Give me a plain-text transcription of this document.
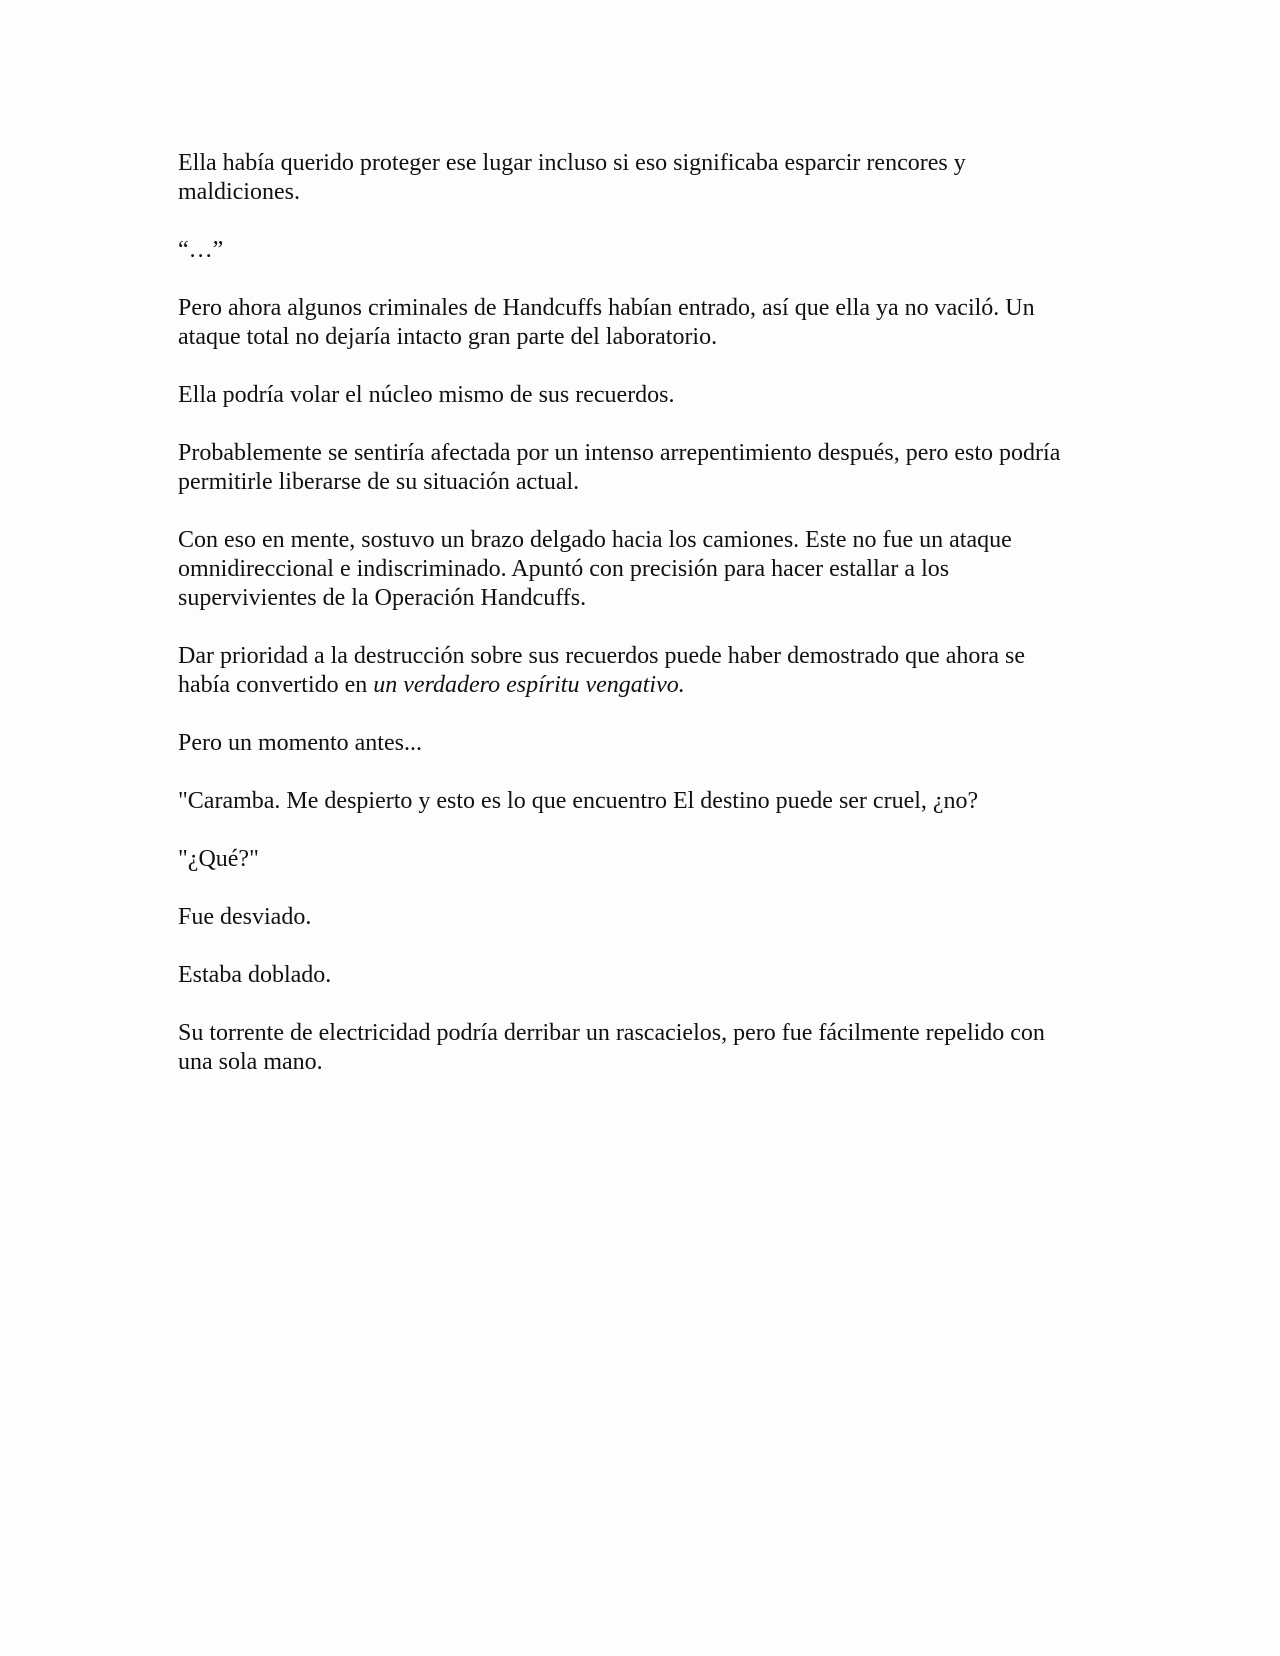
Ella había querido proteger ese lugar incluso si eso significaba esparcir rencores y
maldiciones.

“…”

Pero ahora algunos criminales de Handcuffs habían entrado, así que ella ya no vaciló. Un
ataque total no dejaría intacto gran parte del laboratorio.

Ella podría volar el núcleo mismo de sus recuerdos.

Probablemente se sentiría afectada por un intenso arrepentimiento después, pero esto podría
permitirle liberarse de su situación actual.

Con eso en mente, sostuvo un brazo delgado hacia los camiones. Este no fue un ataque
omnidireccional e indiscriminado. Apuntó con precisión para hacer estallar a los
supervivientes de la Operación Handcuffs.

Dar prioridad a la destrucción sobre sus recuerdos puede haber demostrado que ahora se
había convertido en un verdadero espíritu vengativo.

Pero un momento antes...

"Caramba. Me despierto y esto es lo que encuentro El destino puede ser cruel, ¿no?

"¿Qué?"

Fue desviado.

Estaba doblado.

Su torrente de electricidad podría derribar un rascacielos, pero fue fácilmente repelido con
una sola mano.
